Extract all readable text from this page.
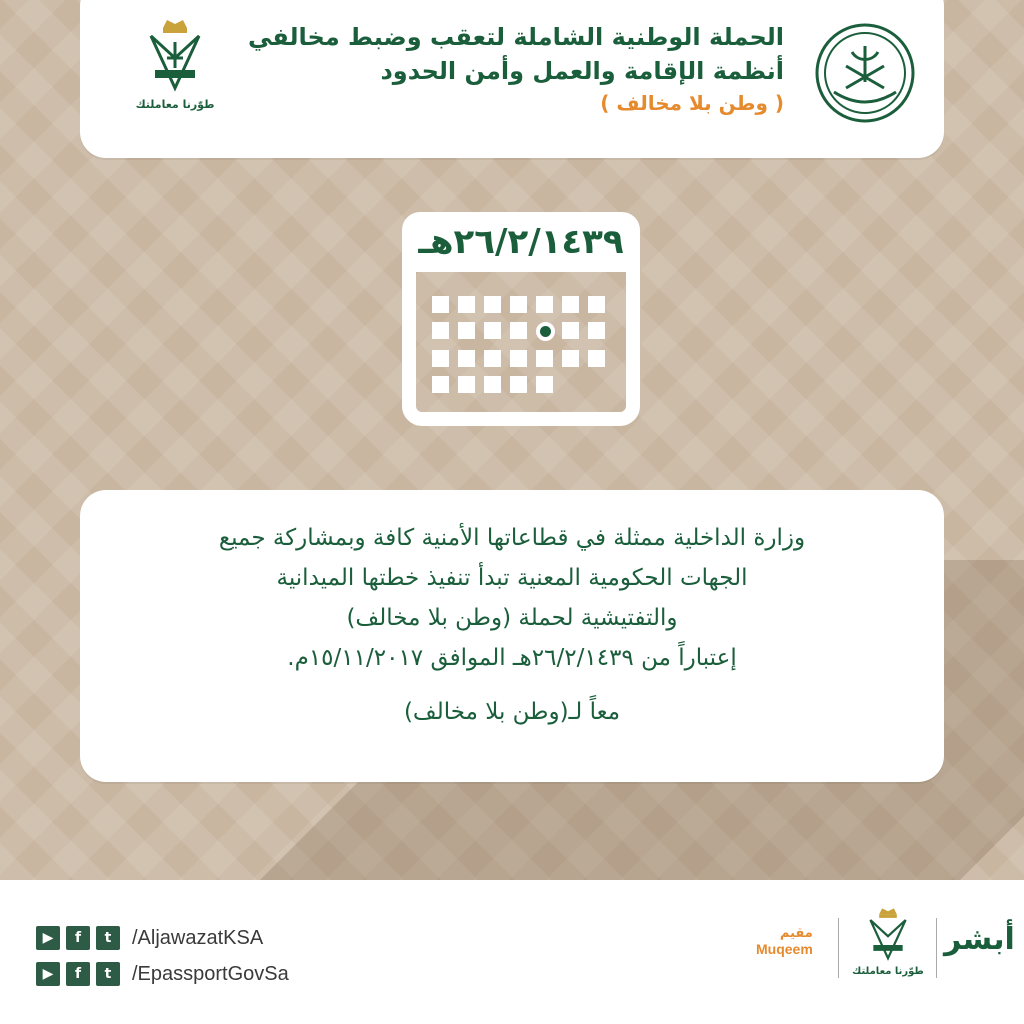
طوّرنا معاملتك
الحملة الوطنية الشاملة لتعقب وضبط مخالفي
أنظمة الإقامة والعمل وأمن الحدود
( وطن بلا مخالف )
٢٦/٢/١٤٣٩هـ

وزارة الداخلية ممثلة في قطاعاتها الأمنية كافة وبمشاركة جميع

الجهات الحكومية المعنية تبدأ تنفيذ خطتها الميدانية

والتفتيشية لحملة (وطن بلا مخالف)

إعتباراً من ٢٦/٢/١٤٣٩هـ الموافق ١٥/١١/٢٠١٧م.

معاً لـ(وطن بلا مخالف)

▶	f	t	/AljawazatKSA
▶	f	t	/EpassportGovSa
مقيم
Muqeem
طوّرنا معاملتك
أبشر
